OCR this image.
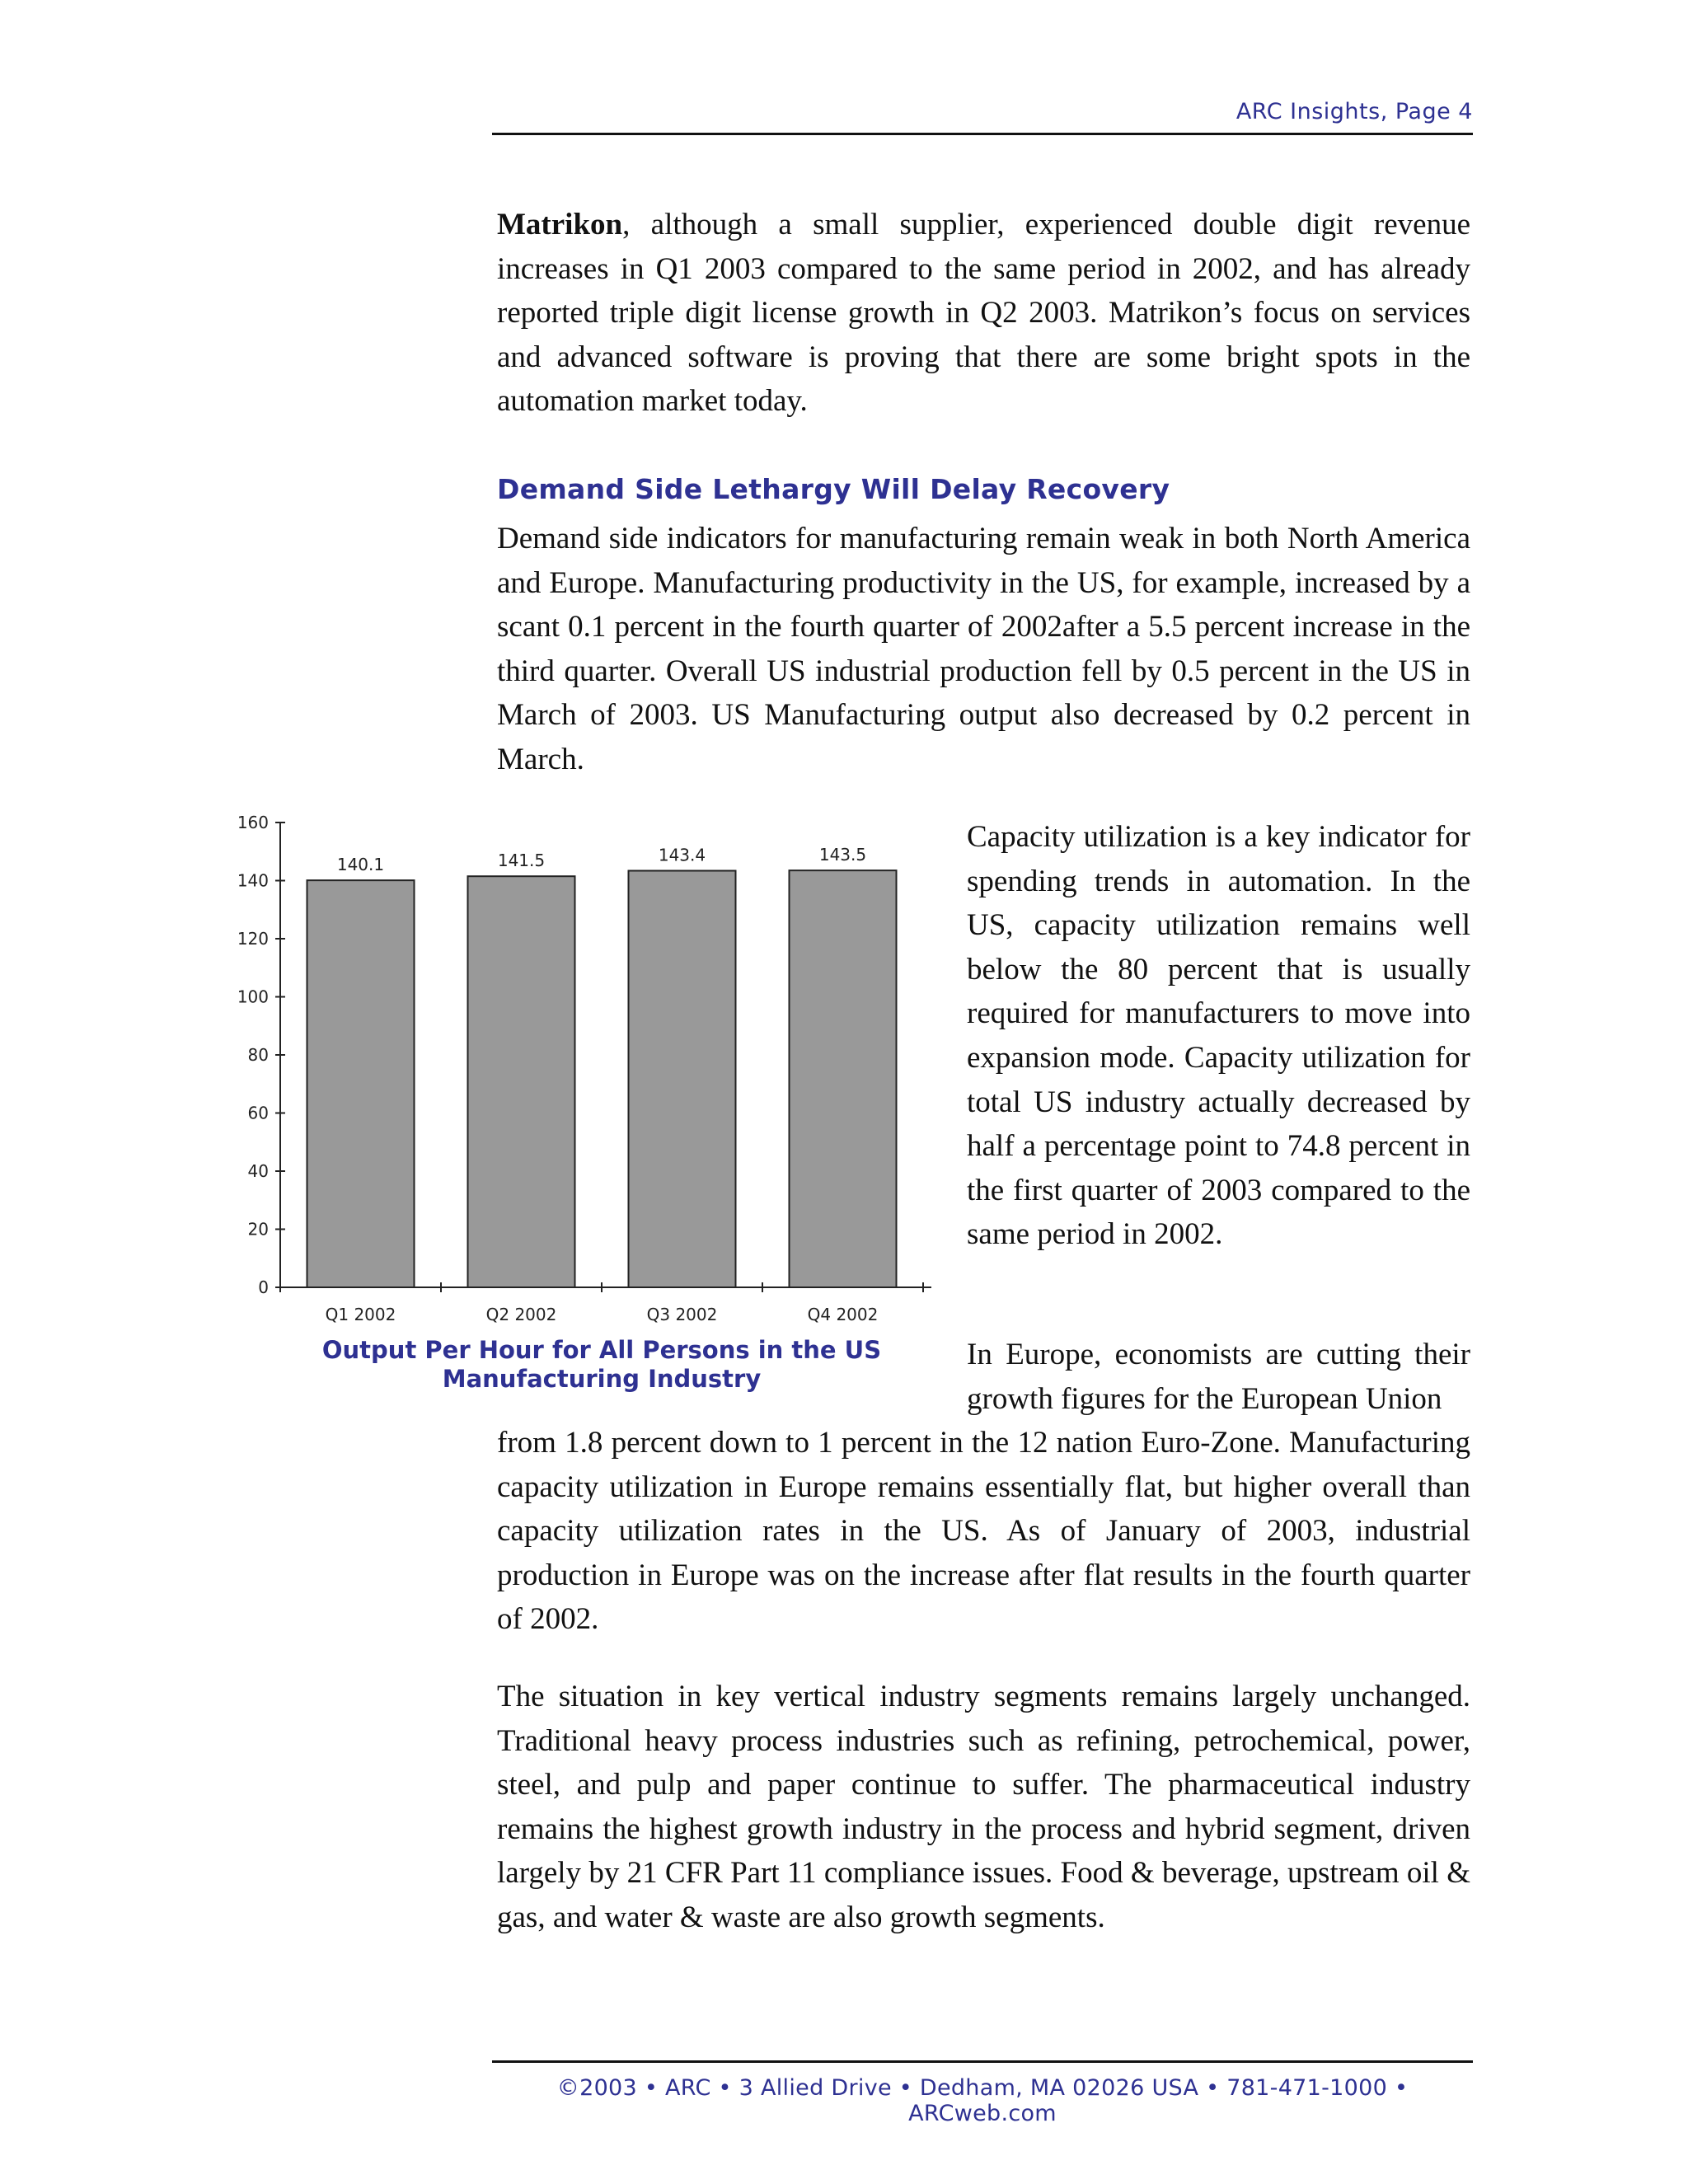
ARC Insights, Page 4

Matrikon, although a small supplier, experienced double digit revenue increases in Q1 2003 compared to the same period in 2002, and has already reported triple digit license growth in Q2 2003. Matrikon’s focus on services and advanced software is proving that there are some bright spots in the automation market today.

Demand Side Lethargy Will Delay Recovery

Demand side indicators for manufacturing remain weak in both North America and Europe. Manufacturing productivity in the US, for example, increased by a scant 0.1 percent in the fourth quarter of 2002after a 5.5 percent increase in the third quarter. Overall US industrial production fell by 0.5 percent in the US in March of 2003. US Manufacturing output also decreased by 0.2 percent in March.

0
20
40
60
80
100
120
140
160
Q1 2002	Q2 2002	Q3 2002	Q4 2002
140.1	141.5	143.4	143.5
Output Per Hour for All Persons in the US
Manufacturing Industry

Capacity utilization is a key indicator for spending trends in automation. In the US, capacity utilization remains well below the 80 percent that is usually required for manufacturers to move into expansion mode. Capacity utilization for total US industry actually decreased by half a percentage point to 74.8 percent in the first quarter of 2003 compared to the same period in 2002.

In Europe, economists are cutting their growth figures for the European Union

from 1.8 percent down to 1 percent in the 12 nation Euro-Zone. Manufacturing capacity utilization in Europe remains essentially flat, but higher overall than capacity utilization rates in the US. As of January of 2003, industrial production in Europe was on the increase after flat results in the fourth quarter of 2002.

The situation in key vertical industry segments remains largely unchanged. Traditional heavy process industries such as refining, petrochemical, power, steel, and pulp and paper continue to suffer. The pharmaceutical industry remains the highest growth industry in the process and hybrid segment, driven largely by 21 CFR Part 11 compliance issues. Food & beverage, upstream oil & gas, and water & waste are also growth segments.

©2003 • ARC • 3 Allied Drive • Dedham, MA 02026 USA • 781-471-1000 • ARCweb.com
